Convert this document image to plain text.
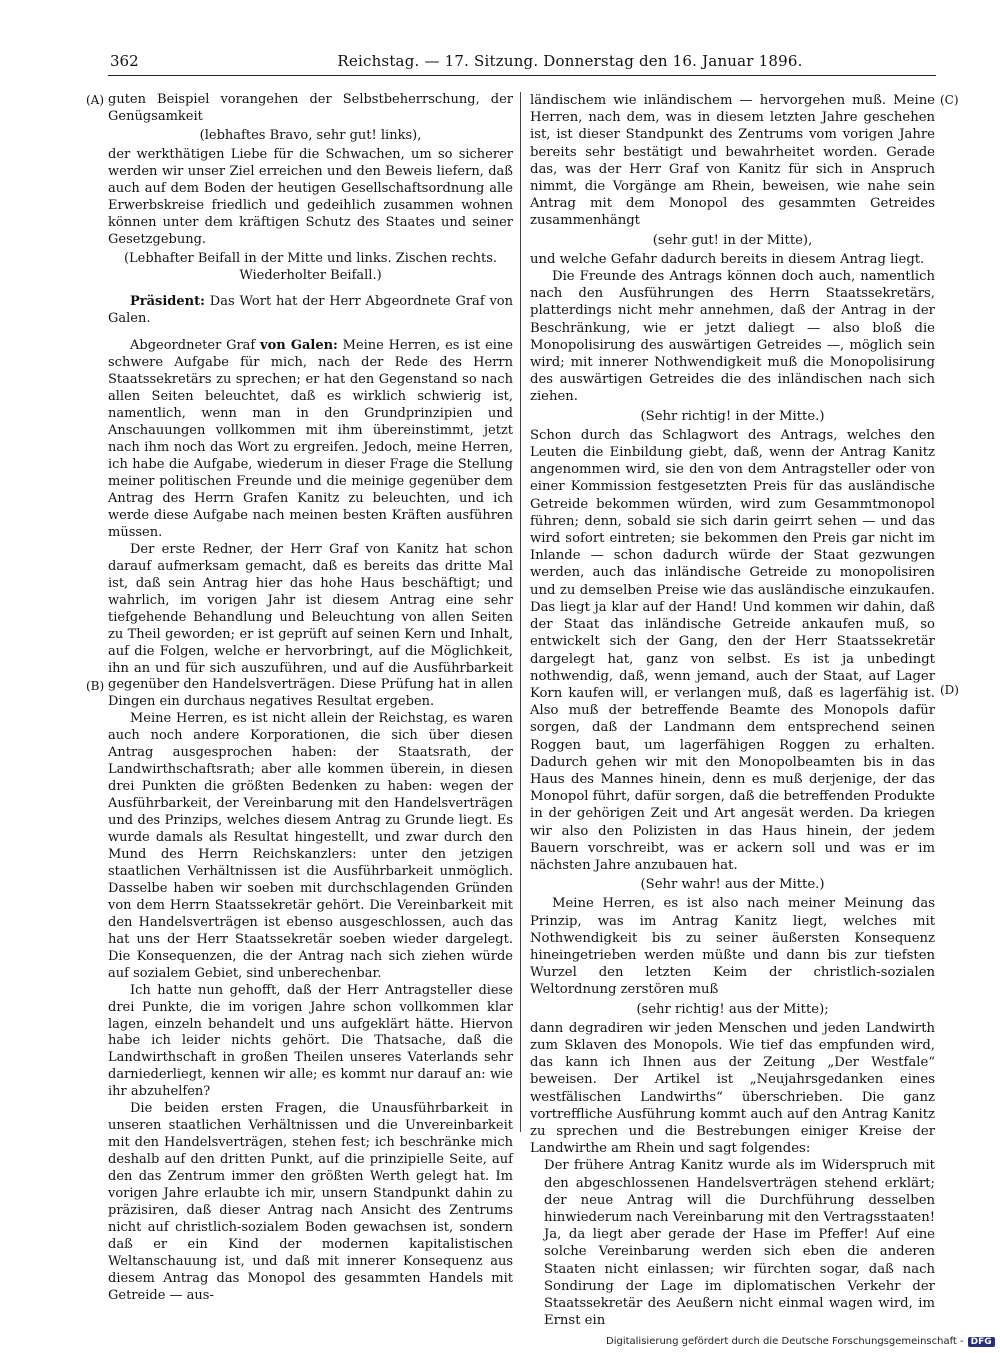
362	Reichstag. — 17. Sitzung. Donnerstag den 16. Januar 1896.
(A)
(B)
(C)
(D)

guten Beispiel vorangehen der Selbstbeherrschung, der Genügsamkeit

(lebhaftes Bravo, sehr gut! links),

der werkthätigen Liebe für die Schwachen, um so sicherer werden wir unser Ziel erreichen und den Beweis liefern, daß auch auf dem Boden der heutigen Gesellschaftsordnung alle Erwerbskreise friedlich und gedeihlich zusammen wohnen können unter dem kräftigen Schutz des Staates und seiner Gesetzgebung.

(Lebhafter Beifall in der Mitte und links. Zischen rechts. Wiederholter Beifall.)

Präsident: Das Wort hat der Herr Abgeordnete Graf von Galen.

Abgeordneter Graf von Galen: Meine Herren, es ist eine schwere Aufgabe für mich, nach der Rede des Herrn Staatssekretärs zu sprechen; er hat den Gegenstand so nach allen Seiten beleuchtet, daß es wirklich schwierig ist, namentlich, wenn man in den Grundprinzipien und Anschauungen vollkommen mit ihm übereinstimmt, jetzt nach ihm noch das Wort zu ergreifen. Jedoch, meine Herren, ich habe die Aufgabe, wiederum in dieser Frage die Stellung meiner politischen Freunde und die meinige gegenüber dem Antrag des Herrn Grafen Kanitz zu beleuchten, und ich werde diese Aufgabe nach meinen besten Kräften ausführen müssen.

Der erste Redner, der Herr Graf von Kanitz hat schon darauf aufmerksam gemacht, daß es bereits das dritte Mal ist, daß sein Antrag hier das hohe Haus beschäftigt; und wahrlich, im vorigen Jahr ist diesem Antrag eine sehr tiefgehende Behandlung und Beleuchtung von allen Seiten zu Theil geworden; er ist geprüft auf seinen Kern und Inhalt, auf die Folgen, welche er hervorbringt, auf die Möglichkeit, ihn an und für sich auszuführen, und auf die Ausführbarkeit gegenüber den Handelsverträgen. Diese Prüfung hat in allen Dingen ein durchaus negatives Resultat ergeben.

Meine Herren, es ist nicht allein der Reichstag, es waren auch noch andere Korporationen, die sich über diesen Antrag ausgesprochen haben: der Staatsrath, der Landwirthschaftsrath; aber alle kommen überein, in diesen drei Punkten die größten Bedenken zu haben: wegen der Ausführbarkeit, der Vereinbarung mit den Handelsverträgen und des Prinzips, welches diesem Antrag zu Grunde liegt. Es wurde damals als Resultat hingestellt, und zwar durch den Mund des Herrn Reichskanzlers: unter den jetzigen staatlichen Verhältnissen ist die Ausführbarkeit unmöglich. Dasselbe haben wir soeben mit durchschlagenden Gründen von dem Herrn Staatssekretär gehört. Die Vereinbarkeit mit den Handelsverträgen ist ebenso ausgeschlossen, auch das hat uns der Herr Staatssekretär soeben wieder dargelegt. Die Konsequenzen, die der Antrag nach sich ziehen würde auf sozialem Gebiet, sind unberechenbar.

Ich hatte nun gehofft, daß der Herr Antragsteller diese drei Punkte, die im vorigen Jahre schon vollkommen klar lagen, einzeln behandelt und uns aufgeklärt hätte. Hiervon habe ich leider nichts gehört. Die Thatsache, daß die Landwirthschaft in großen Theilen unseres Vaterlands sehr darniederliegt, kennen wir alle; es kommt nur darauf an: wie ihr abzuhelfen?

Die beiden ersten Fragen, die Unausführbarkeit in unseren staatlichen Verhältnissen und die Unvereinbarkeit mit den Handelsverträgen, stehen fest; ich beschränke mich deshalb auf den dritten Punkt, auf die prinzipielle Seite, auf den das Zentrum immer den größten Werth gelegt hat. Im vorigen Jahre erlaubte ich mir, unsern Standpunkt dahin zu präzisiren, daß dieser Antrag nach Ansicht des Zentrums nicht auf christlich-sozialem Boden gewachsen ist, sondern daß er ein Kind der modernen kapitalistischen Weltanschauung ist, und daß mit innerer Konsequenz aus diesem Antrag das Monopol des gesammten Handels mit Getreide — aus-

ländischem wie inländischem — hervorgehen muß. Meine Herren, nach dem, was in diesem letzten Jahre geschehen ist, ist dieser Standpunkt des Zentrums vom vorigen Jahre bereits sehr bestätigt und bewahrheitet worden. Gerade das, was der Herr Graf von Kanitz für sich in Anspruch nimmt, die Vorgänge am Rhein, beweisen, wie nahe sein Antrag mit dem Monopol des gesammten Getreides zusammenhängt

(sehr gut! in der Mitte),

und welche Gefahr dadurch bereits in diesem Antrag liegt.

Die Freunde des Antrags können doch auch, namentlich nach den Ausführungen des Herrn Staatssekretärs, platterdings nicht mehr annehmen, daß der Antrag in der Beschränkung, wie er jetzt daliegt — also bloß die Monopolisirung des auswärtigen Getreides —, möglich sein wird; mit innerer Nothwendigkeit muß die Monopolisirung des auswärtigen Getreides die des inländischen nach sich ziehen.

(Sehr richtig! in der Mitte.)

Schon durch das Schlagwort des Antrags, welches den Leuten die Einbildung giebt, daß, wenn der Antrag Kanitz angenommen wird, sie den von dem Antragsteller oder von einer Kommission festgesetzten Preis für das ausländische Getreide bekommen würden, wird zum Gesammtmonopol führen; denn, sobald sie sich darin geirrt sehen — und das wird sofort eintreten; sie bekommen den Preis gar nicht im Inlande — schon dadurch würde der Staat gezwungen werden, auch das inländische Getreide zu monopolisiren und zu demselben Preise wie das ausländische einzukaufen. Das liegt ja klar auf der Hand! Und kommen wir dahin, daß der Staat das inländische Getreide ankaufen muß, so entwickelt sich der Gang, den der Herr Staatssekretär dargelegt hat, ganz von selbst. Es ist ja unbedingt nothwendig, daß, wenn jemand, auch der Staat, auf Lager Korn kaufen will, er verlangen muß, daß es lagerfähig ist. Also muß der betreffende Beamte des Monopols dafür sorgen, daß der Landmann dem entsprechend seinen Roggen baut, um lagerfähigen Roggen zu erhalten. Dadurch gehen wir mit den Monopolbeamten bis in das Haus des Mannes hinein, denn es muß derjenige, der das Monopol führt, dafür sorgen, daß die betreffenden Produkte in der gehörigen Zeit und Art angesät werden. Da kriegen wir also den Polizisten in das Haus hinein, der jedem Bauern vorschreibt, was er ackern soll und was er im nächsten Jahre anzubauen hat.

(Sehr wahr! aus der Mitte.)

Meine Herren, es ist also nach meiner Meinung das Prinzip, was im Antrag Kanitz liegt, welches mit Nothwendigkeit bis zu seiner äußersten Konsequenz hineingetrieben werden müßte und dann bis zur tiefsten Wurzel den letzten Keim der christlich-sozialen Weltordnung zerstören muß

(sehr richtig! aus der Mitte);

dann degradiren wir jeden Menschen und jeden Landwirth zum Sklaven des Monopols. Wie tief das empfunden wird, das kann ich Ihnen aus der Zeitung „Der Westfale“ beweisen. Der Artikel ist „Neujahrsgedanken eines westfälischen Landwirths“ überschrieben. Die ganz vortreffliche Ausführung kommt auch auf den Antrag Kanitz zu sprechen und die Bestrebungen einiger Kreise der Landwirthe am Rhein und sagt folgendes:

Der frühere Antrag Kanitz wurde als im Widerspruch mit den abgeschlossenen Handelsverträgen stehend erklärt; der neue Antrag will die Durchführung desselben hinwiederum nach Vereinbarung mit den Vertragsstaaten! Ja, da liegt aber gerade der Hase im Pfeffer! Auf eine solche Vereinbarung werden sich eben die anderen Staaten nicht einlassen; wir fürchten sogar, daß nach Sondirung der Lage im diplomatischen Verkehr der Staatssekretär des Aeußern nicht einmal wagen wird, im Ernst ein

Digitalisierung gefördert durch die Deutsche Forschungsgemeinschaft - DFG
